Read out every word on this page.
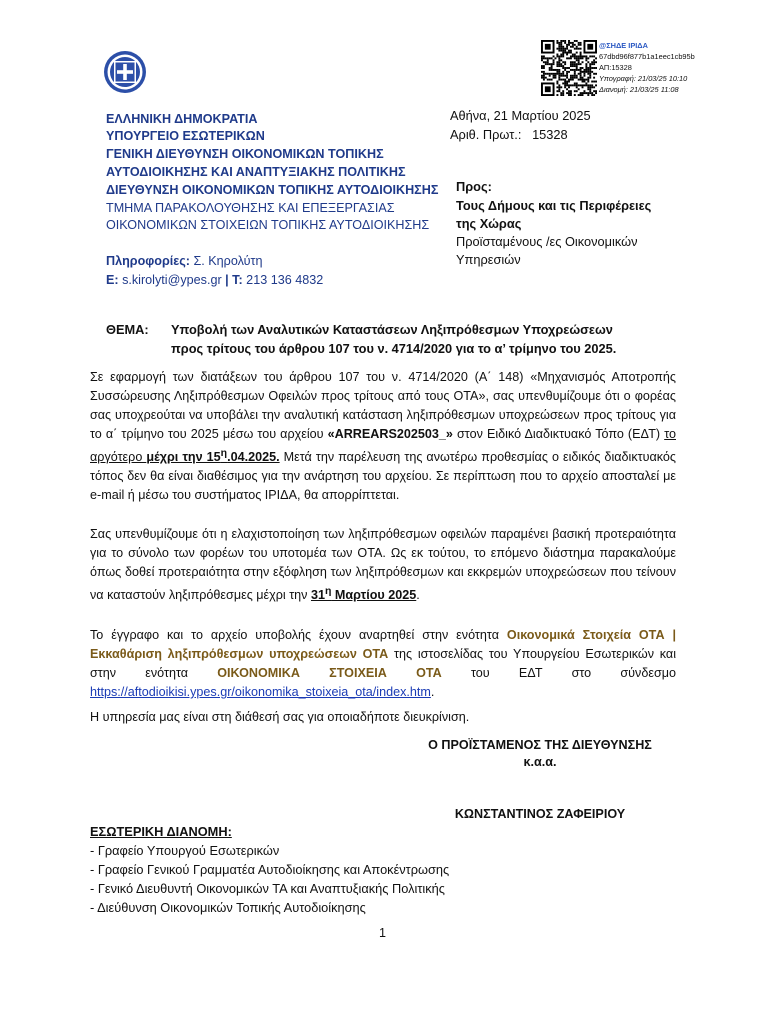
@ΣΗΔΕ ΙΡΙΔΑ
67dbd96f877b1a1eec1cb95b
ΑΠ:15328
Υπογραφή: 21/03/25 10:10
Διανομή: 21/03/25 11:08
ΕΛΛΗΝΙΚΗ ΔΗΜΟΚΡΑΤΙΑ
ΥΠΟΥΡΓΕΙΟ ΕΣΩΤΕΡΙΚΩΝ
ΓΕΝΙΚΗ ΔΙΕΥΘΥΝΣΗ ΟΙΚΟΝΟΜΙΚΩΝ ΤΟΠΙΚΗΣ
ΑΥΤΟΔΙΟΙΚΗΣΗΣ ΚΑΙ ΑΝΑΠΤΥΞΙΑΚΗΣ ΠΟΛΙΤΙΚΗΣ
ΔΙΕΥΘΥΝΣΗ ΟΙΚΟΝΟΜΙΚΩΝ ΤΟΠΙΚΗΣ ΑΥΤΟΔΙΟΙΚΗΣΗΣ
ΤΜΗΜΑ ΠΑΡΑΚΟΛΟΥΘΗΣΗΣ ΚΑΙ ΕΠΕΞΕΡΓΑΣΙΑΣ
ΟΙΚΟΝΟΜΙΚΩΝ ΣΤΟΙΧΕΙΩΝ ΤΟΠΙΚΗΣ ΑΥΤΟΔΙΟΙΚΗΣΗΣ
Πληροφορίες: Σ. Κηρολύτη
E: s.kirolyti@ypes.gr | T: 213 136 4832
Αθήνα, 21 Μαρτίου 2025
Αριθ. Πρωτ.: 15328
Προς:
Τους Δήμους και τις Περιφέρειες
της Χώρας
Προϊσταμένους /ες Οικονομικών
Υπηρεσιών
ΘΕΜΑ: Υποβολή των Αναλυτικών Καταστάσεων Ληξιπρόθεσμων Υποχρεώσεων προς τρίτους του άρθρου 107 του ν. 4714/2020 για το α’ τρίμηνο του 2025.
Σε εφαρμογή των διατάξεων του άρθρου 107 του ν. 4714/2020 (Α΄ 148) «Μηχανισμός Αποτροπής Συσσώρευσης Ληξιπρόθεσμων Οφειλών προς τρίτους από τους ΟΤΑ», σας υπενθυμίζουμε ότι ο φορέας σας υποχρεούται να υποβάλει την αναλυτική κατάσταση ληξιπρόθεσμων υποχρεώσεων προς τρίτους για το α΄ τρίμηνο του 2025 μέσω του αρχείου «ARREARS202503_» στον Ειδικό Διαδικτυακό Τόπο (ΕΔΤ) το αργότερο μέχρι την $15^\eta.04.2025$. Μετά την παρέλευση της ανωτέρω προθεσμίας ο ειδικός διαδικτυακός τόπος δεν θα είναι διαθέσιμος για την ανάρτηση του αρχείου. Σε περίπτωση που το αρχείο αποσταλεί με e-mail ή μέσω του συστήματος ΙΡΙΔΑ, θα απορρίπτεται.
Σας υπενθυμίζουμε ότι η ελαχιστοποίηση των ληξιπρόθεσμων οφειλών παραμένει βασική προτεραιότητα για το σύνολο των φορέων του υποτομέα των ΟΤΑ. Ως εκ τούτου, το επόμενο διάστημα παρακαλούμε όπως δοθεί προτεραιότητα στην εξόφληση των ληξιπρόθεσμων και εκκρεμών υποχρεώσεων που τείνουν να καταστούν ληξιπρόθεσμες μέχρι την $31^\eta$ Μαρτίου 2025.
Το έγγραφο και το αρχείο υποβολής έχουν αναρτηθεί στην ενότητα Οικονομικά Στοιχεία ΟΤΑ | Εκκαθάριση ληξιπρόθεσμων υποχρεώσεων ΟΤΑ της ιστοσελίδας του Υπουργείου Εσωτερικών και στην ενότητα ΟΙΚΟΝΟΜΙΚΑ ΣΤΟΙΧΕΙΑ ΟΤΑ του ΕΔΤ στο σύνδεσμο https://aftodioikisi.ypes.gr/oikonomika_stoixeia_ota/index.htm.
Η υπηρεσία μας είναι στη διάθεσή σας για οποιαδήποτε διευκρίνιση.
Ο ΠΡΟΪΣΤΑΜΕΝΟΣ ΤΗΣ ΔΙΕΥΘΥΝΣΗΣ
κ.α.α.
ΚΩΝΣΤΑΝΤΙΝΟΣ ΖΑΦΕΙΡΙΟΥ
ΕΣΩΤΕΡΙΚΗ ΔΙΑΝΟΜΗ:
- Γραφείο Υπουργού Εσωτερικών
- Γραφείο Γενικού Γραμματέα Αυτοδιοίκησης και Αποκέντρωσης
- Γενικό Διευθυντή Οικονομικών ΤΑ και Αναπτυξιακής Πολιτικής
- Διεύθυνση Οικονομικών Τοπικής Αυτοδιοίκησης
1
